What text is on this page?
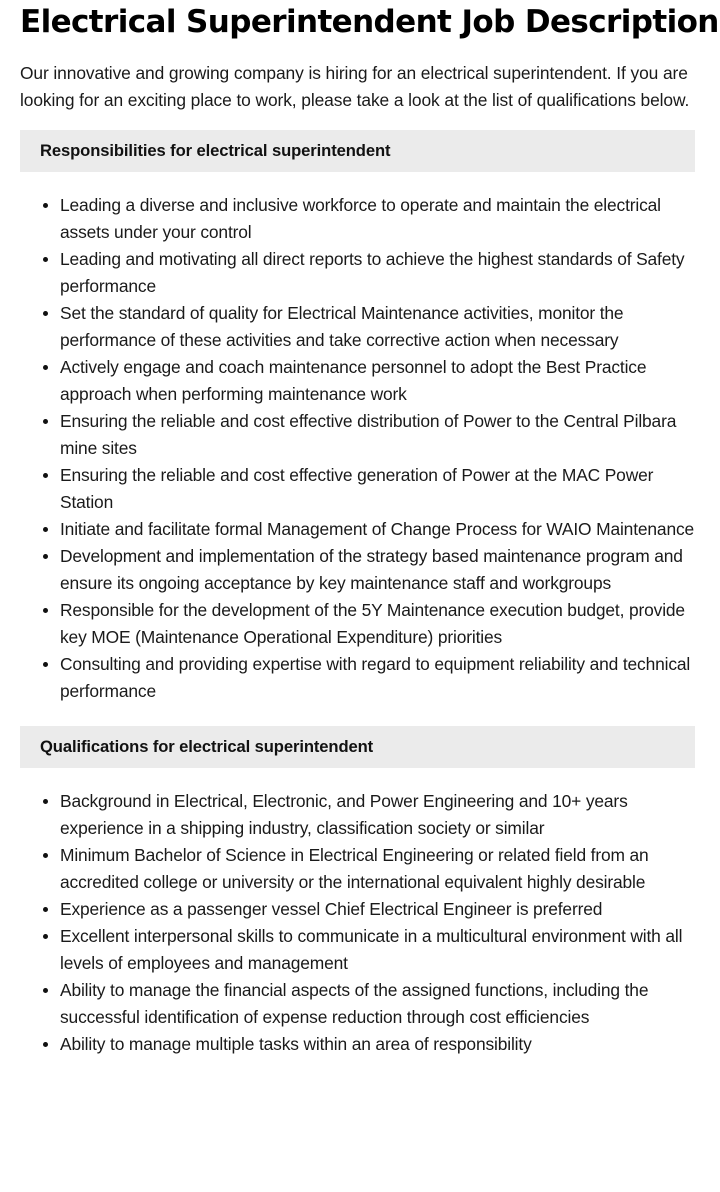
Electrical Superintendent Job Description

Our innovative and growing company is hiring for an electrical superintendent. If you are looking for an exciting place to work, please take a look at the list of qualifications below.

Responsibilities for electrical superintendent
Leading a diverse and inclusive workforce to operate and maintain the electrical assets under your control
Leading and motivating all direct reports to achieve the highest standards of Safety performance
Set the standard of quality for Electrical Maintenance activities, monitor the performance of these activities and take corrective action when necessary
Actively engage and coach maintenance personnel to adopt the Best Practice approach when performing maintenance work
Ensuring the reliable and cost effective distribution of Power to the Central Pilbara mine sites
Ensuring the reliable and cost effective generation of Power at the MAC Power Station
Initiate and facilitate formal Management of Change Process for WAIO Maintenance
Development and implementation of the strategy based maintenance program and ensure its ongoing acceptance by key maintenance staff and workgroups
Responsible for the development of the 5Y Maintenance execution budget, provide key MOE (Maintenance Operational Expenditure) priorities
Consulting and providing expertise with regard to equipment reliability and technical performance
Qualifications for electrical superintendent
Background in Electrical, Electronic, and Power Engineering and 10+ years experience in a shipping industry, classification society or similar
Minimum Bachelor of Science in Electrical Engineering or related field from an accredited college or university or the international equivalent highly desirable
Experience as a passenger vessel Chief Electrical Engineer is preferred
Excellent interpersonal skills to communicate in a multicultural environment with all levels of employees and management
Ability to manage the financial aspects of the assigned functions, including the successful identification of expense reduction through cost efficiencies
Ability to manage multiple tasks within an area of responsibility
